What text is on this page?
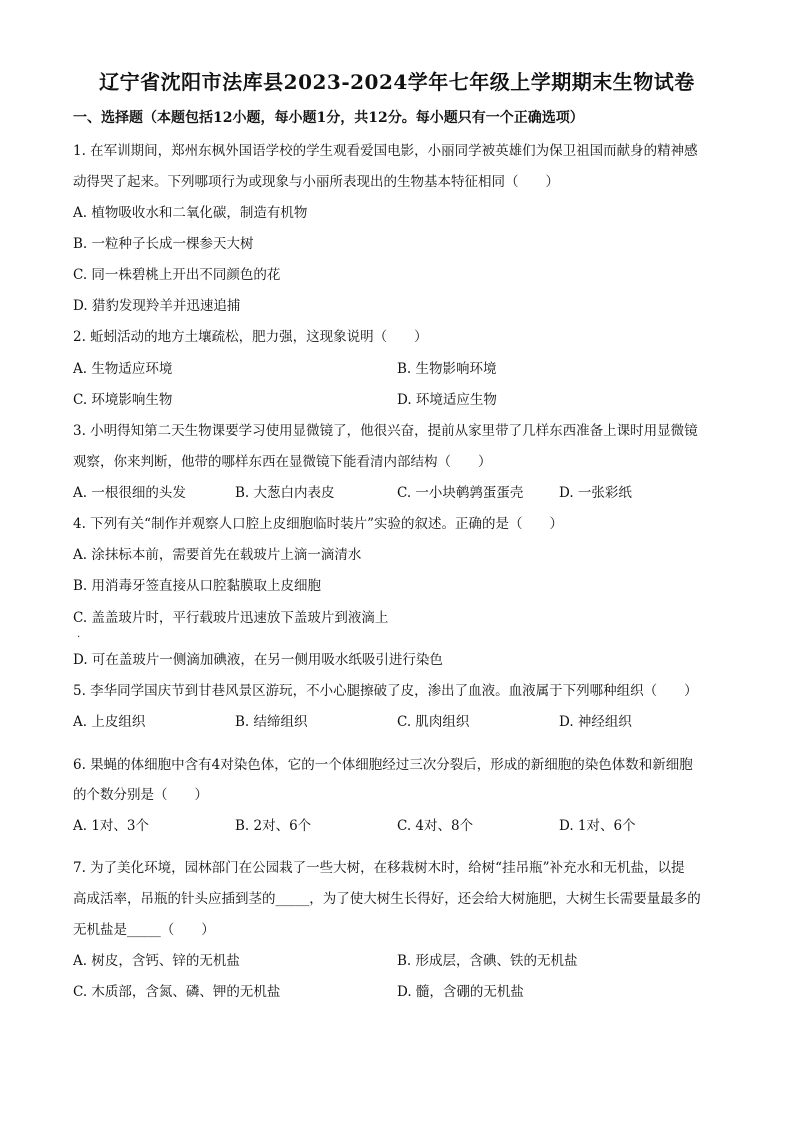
辽宁省沈阳市法库县2023-2024学年七年级上学期期末生物试卷
一、选择题（本题包括12小题，每小题1分，共12分。每小题只有一个正确选项）
1. 在军训期间，郑州东枫外国语学校的学生观看爱国电影，小丽同学被英雄们为保卫祖国而献身的精神感
动得哭了起来。下列哪项行为或现象与小丽所表现出的生物基本特征相同（　　）
A. 植物吸收水和二氧化碳，制造有机物
B. 一粒种子长成一棵参天大树
C. 同一株碧桃上开出不同颜色的花
D. 猎豹发现羚羊并迅速追捕
2. 蚯蚓活动的地方土壤疏松，肥力强，这现象说明（　　）
A. 生物适应环境	B. 生物影响环境
C. 环境影响生物	D. 环境适应生物
3. 小明得知第二天生物课要学习使用显微镜了，他很兴奋，提前从家里带了几样东西准备上课时用显微镜
观察，你来判断，他带的哪样东西在显微镜下能看清内部结构（　　）
A. 一根很细的头发	B. 大葱白内表皮	C. 一小块鹌鹑蛋蛋壳	D. 一张彩纸
4. 下列有关“制作并观察人口腔上皮细胞临时装片”实验的叙述。正确的是（　　）
A. 涂抹标本前，需要首先在载玻片上滴一滴清水
B. 用消毒牙签直接从口腔黏膜取上皮细胞
C. 盖盖玻片时，平行载玻片迅速放下盖玻片到液滴上
.
D. 可在盖玻片一侧滴加碘液，在另一侧用吸水纸吸引进行染色
5. 李华同学国庆节到甘巷风景区游玩，不小心腿擦破了皮，渗出了血液。血液属于下列哪种组织（　　）
A. 上皮组织	B. 结缔组织	C. 肌肉组织	D. 神经组织
6. 果蝇的体细胞中含有4对染色体，它的一个体细胞经过三次分裂后，形成的新细胞的染色体数和新细胞
的个数分别是（　　）
A. 1对、3个	B. 2对、6个	C. 4对、8个	D. 1对、6个
7. 为了美化环境，园林部门在公园栽了一些大树，在移栽树木时，给树“挂吊瓶”补充水和无机盐，以提
高成活率，吊瓶的针头应插到茎的_____，为了使大树生长得好，还会给大树施肥，大树生长需要量最多的
无机盐是_____（　　）
A. 树皮，含钙、锌的无机盐	B. 形成层，含碘、铁的无机盐
C. 木质部，含氮、磷、钾的无机盐	D. 髓，含硼的无机盐
